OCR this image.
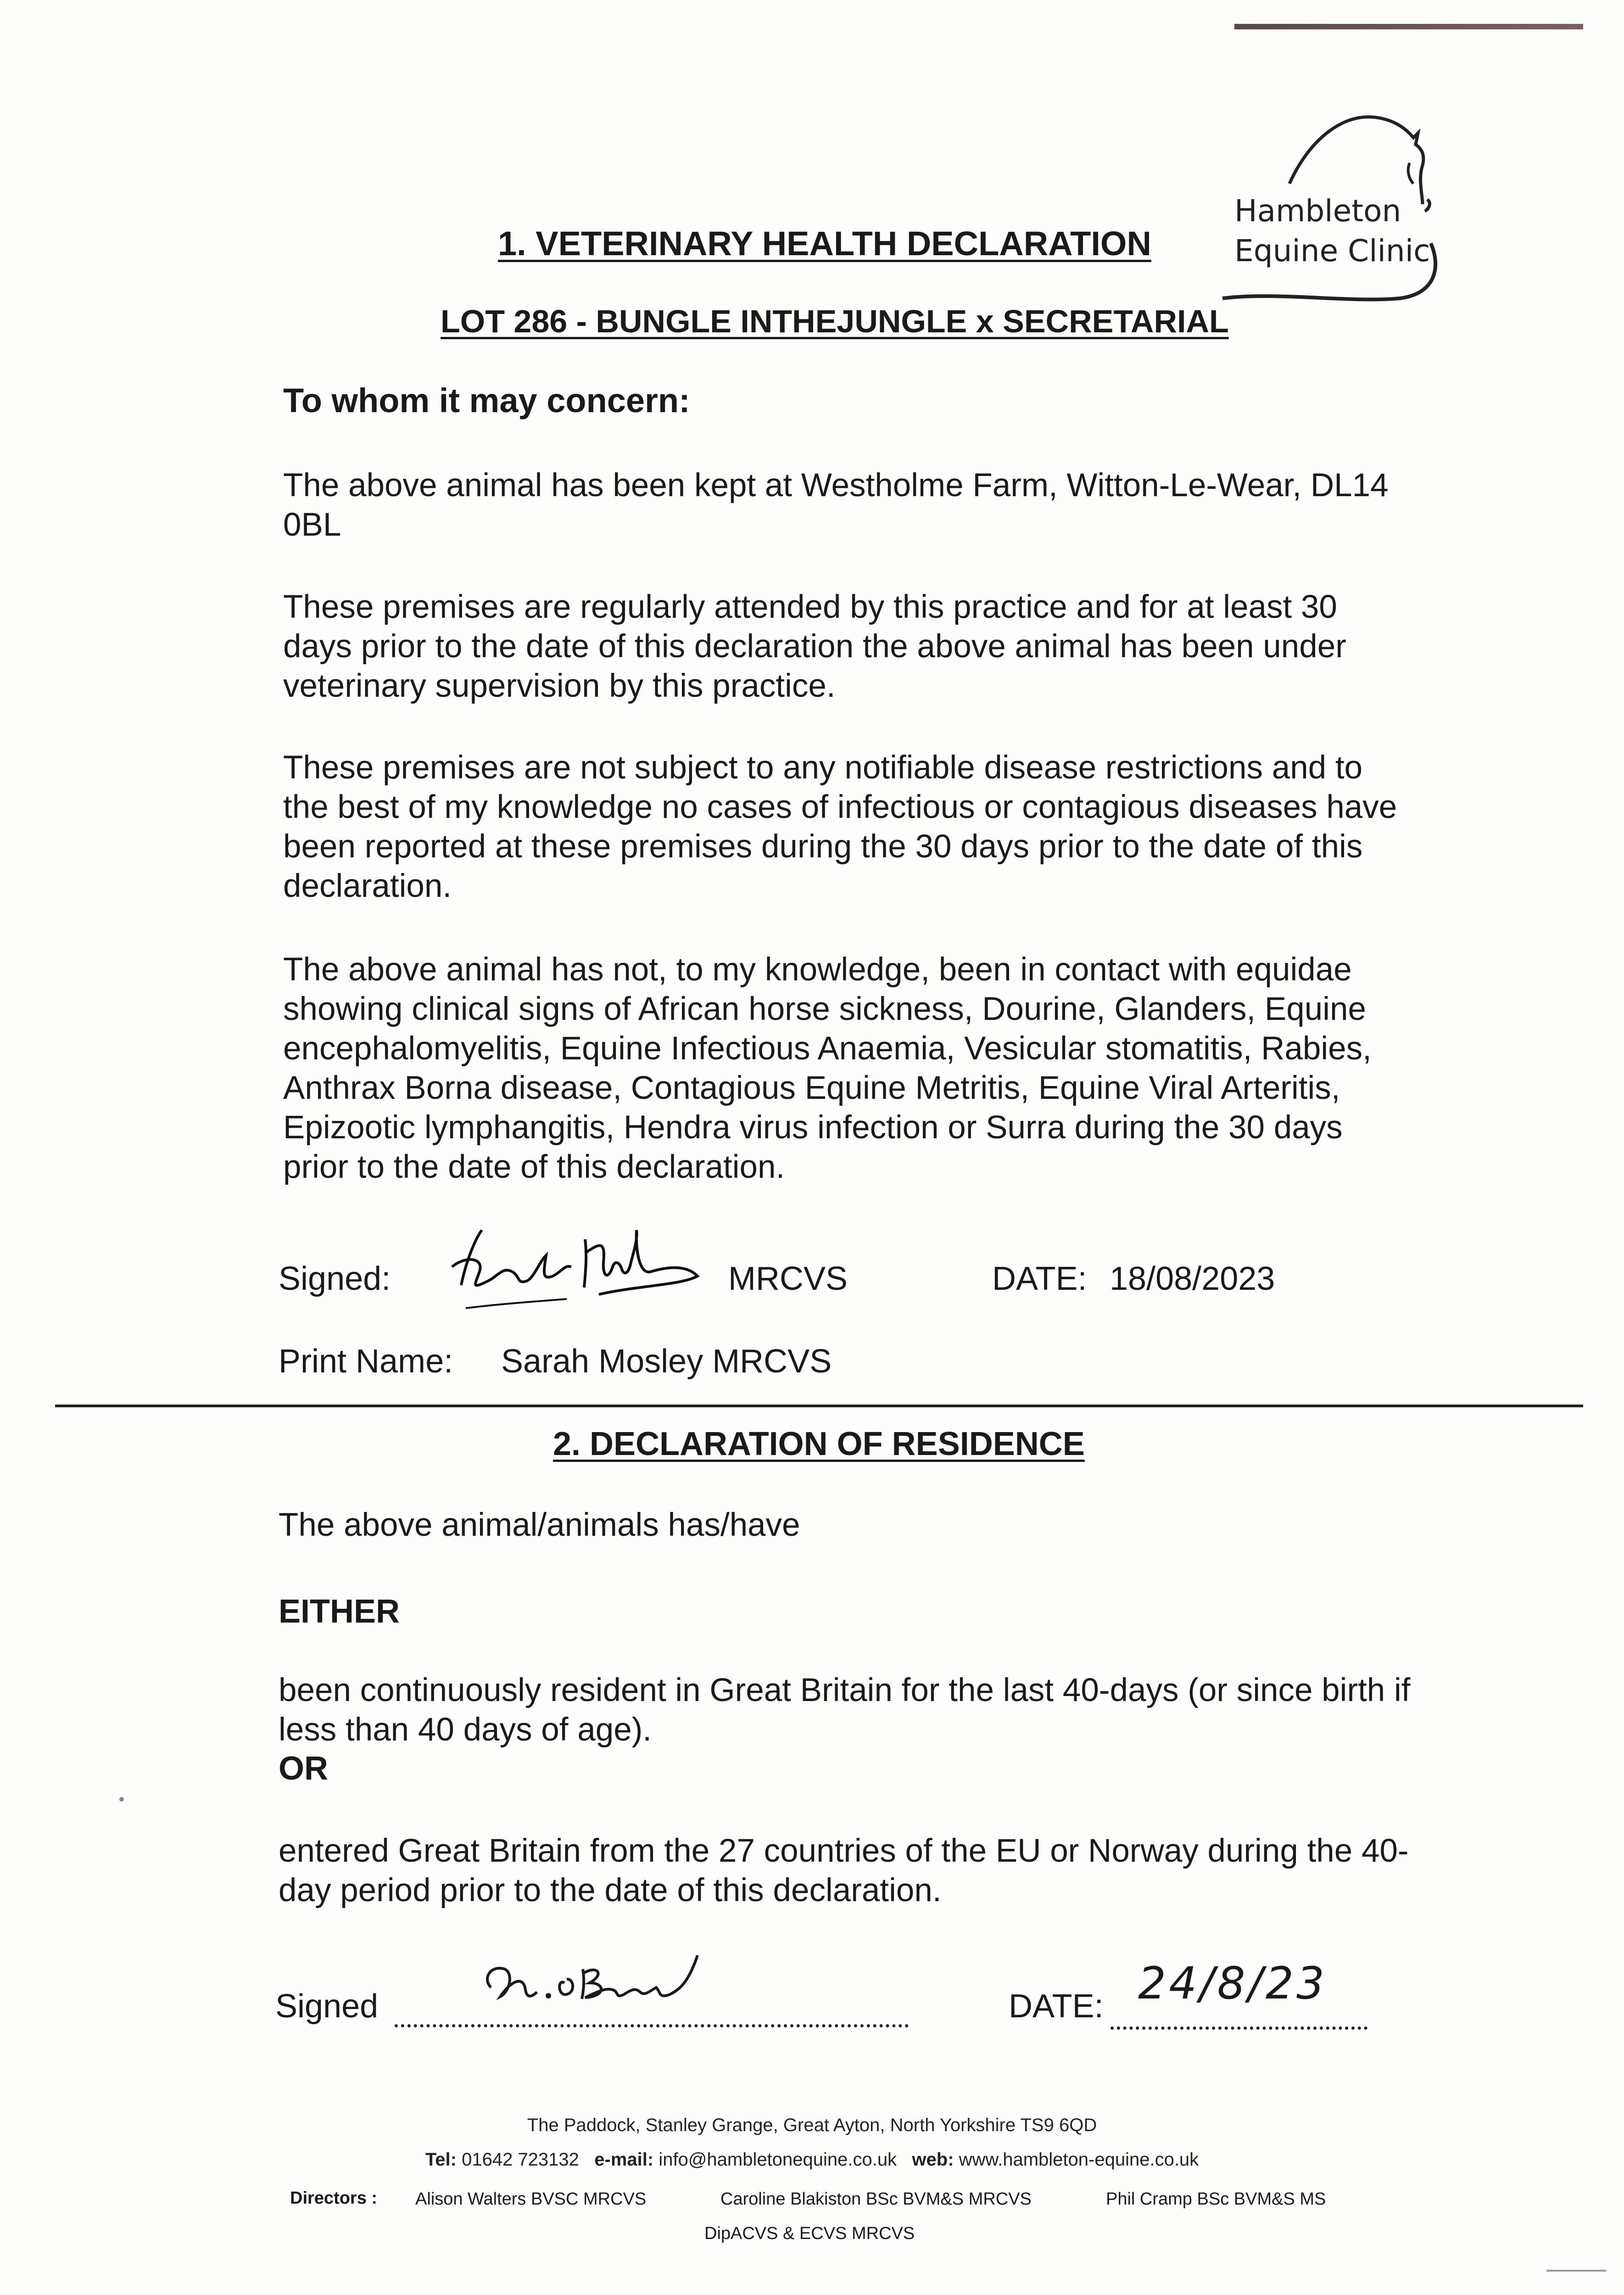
Hambleton
Equine Clinic
1. VETERINARY HEALTH DECLARATION
LOT 286 - BUNGLE INTHEJUNGLE x SECRETARIAL
To whom it may concern:

The above animal has been kept at Westholme Farm, Witton-Le-Wear, DL14 0BL

These premises are regularly attended by this practice and for at least 30 days prior to the date of this declaration the above animal has been under veterinary supervision by this practice.

These premises are not subject to any notifiable disease restrictions and to the best of my knowledge no cases of infectious or contagious diseases have been reported at these premises during the 30 days prior to the date of this declaration.

The above animal has not, to my knowledge, been in contact with equidae showing clinical signs of African horse sickness, Dourine, Glanders, Equine encephalomyelitis, Equine Infectious Anaemia, Vesicular stomatitis, Rabies, Anthrax Borna disease, Contagious Equine Metritis, Equine Viral Arteritis, Epizootic lymphangitis, Hendra virus infection or Surra during the 30 days prior to the date of this declaration.

Signed:	MRCVS	DATE: 18/08/2023
Print Name: Sarah Mosley MRCVS
2. DECLARATION OF RESIDENCE

The above animal/animals has/have

EITHER

been continuously resident in Great Britain for the last 40-days (or since birth if less than 40 days of age).

OR

entered Great Britain from the 27 countries of the EU or Norway during the 40-day period prior to the date of this declaration.

Signed	DATE: 24/8/23
The Paddock, Stanley Grange, Great Ayton, North Yorkshire TS9 6QD
Tel: 01642 723132 e-mail: info@hambletonequine.co.uk web: www.hambleton-equine.co.uk
Directors : Alison Walters BVSC MRCVS	Caroline Blakiston BSc BVM&S MRCVS	Phil Cramp BSc BVM&S MS
DipACVS & ECVS MRCVS
